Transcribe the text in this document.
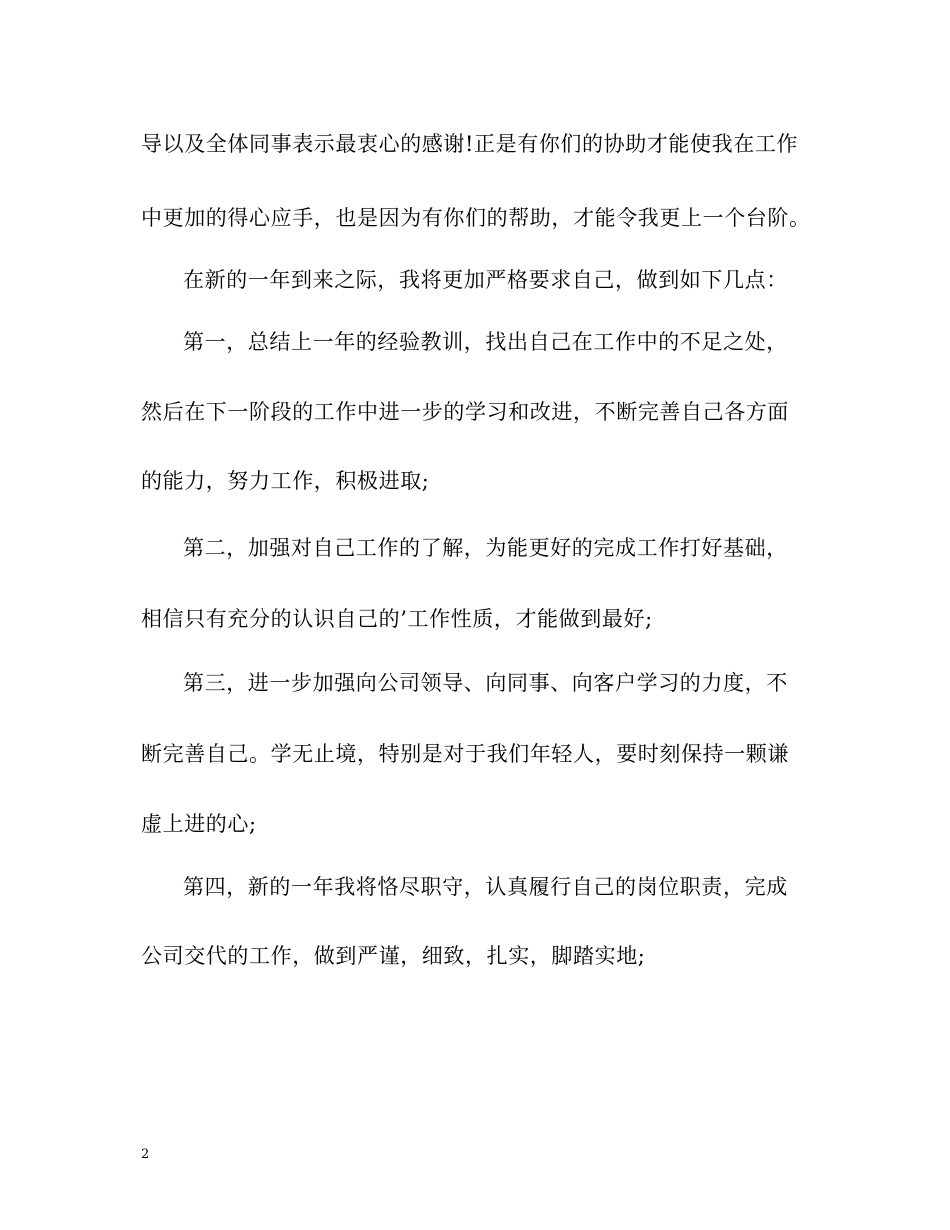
导以及全体同事表示最衷心的感谢!正是有你们的协助才能使我在工作
中更加的得心应手，也是因为有你们的帮助，才能令我更上一个台阶。
在新的一年到来之际，我将更加严格要求自己，做到如下几点：
第一，总结上一年的经验教训，找出自己在工作中的不足之处，
然后在下一阶段的工作中进一步的学习和改进，不断完善自己各方面
的能力，努力工作，积极进取;
第二，加强对自己工作的了解，为能更好的完成工作打好基础，
相信只有充分的认识自己的’工作性质，才能做到最好;
第三，进一步加强向公司领导、向同事、向客户学习的力度，不
断完善自己。学无止境，特别是对于我们年轻人，要时刻保持一颗谦
虚上进的心;
第四，新的一年我将恪尽职守，认真履行自己的岗位职责，完成
公司交代的工作，做到严谨，细致，扎实，脚踏实地;
2
